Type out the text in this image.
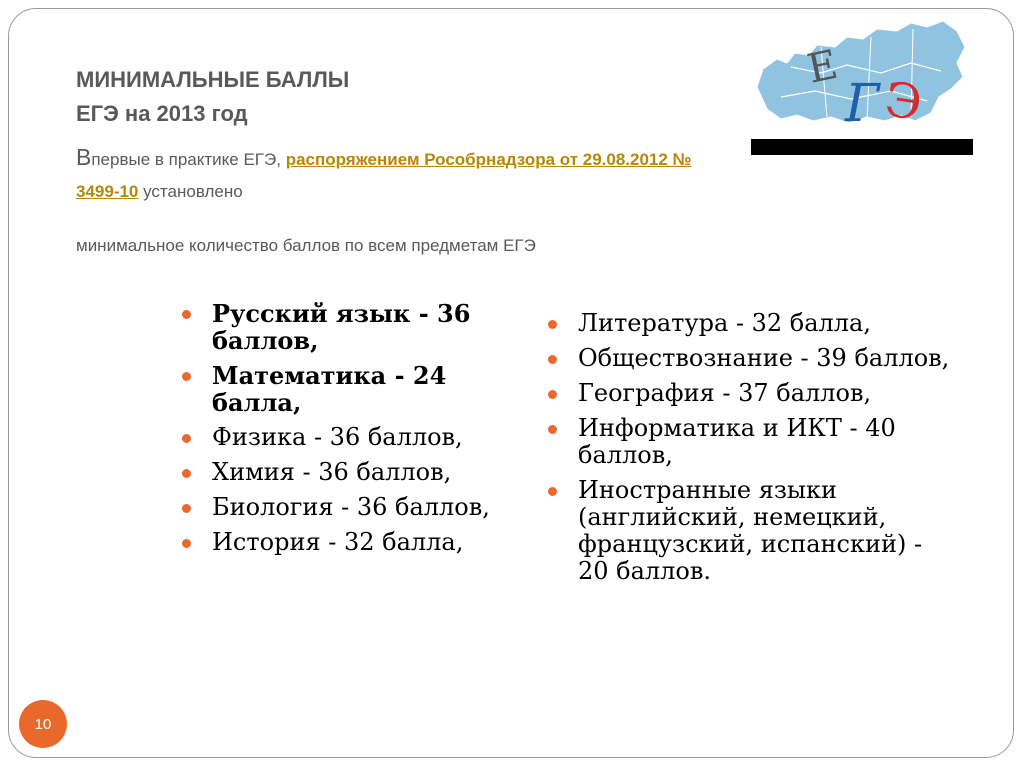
МИНИМАЛЬНЫЕ БАЛЛЫ
ЕГЭ на 2013 год
Впервые в практике ЕГЭ, распоряжением Рособрнадзора от 29.08.2012 № 3499-10 установлено
минимальное количество баллов по всем предметам ЕГЭ
Е
Г Э
Русский язык - 36 баллов,
Математика - 24 балла,
Физика - 36 баллов,
Химия - 36 баллов,
Биология - 36 баллов,
История - 32 балла,
Литература - 32 балла,
Обществознание - 39 баллов,
География - 37 баллов,
Информатика и ИКТ - 40 баллов,
Иностранные языки (английский, немецкий, французский, испанский) - 20 баллов.
10
